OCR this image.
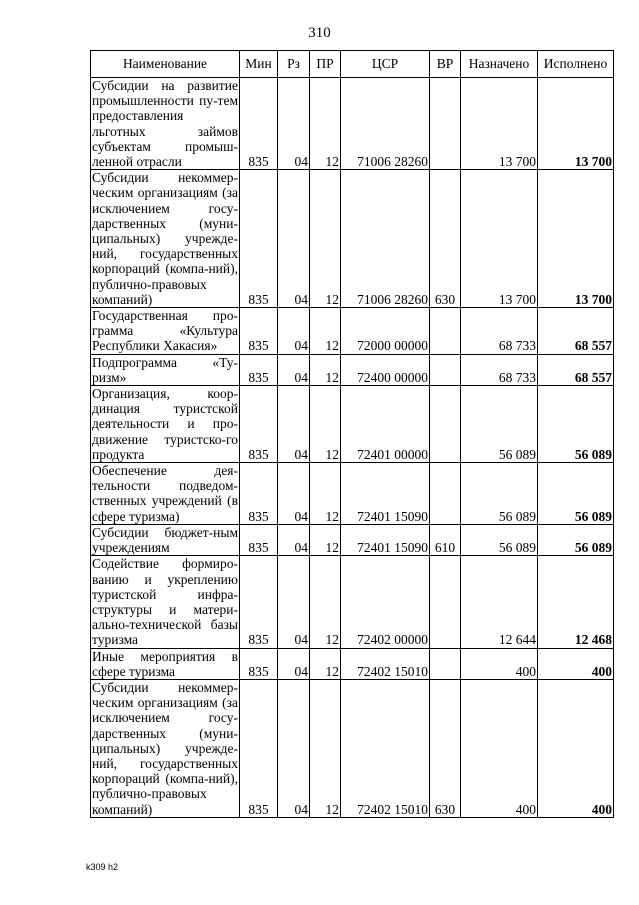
310
Наименование	Мин	Рз	ПР	ЦСР	ВР	Назначено	Исполнено
Субсидии на развитие промышленности пу-тем предоставления льготных займов субъектам промыш-ленной отрасли	835	04	12	71006 28260		13 700	13 700
Субсидии некоммер-ческим организациям (за исключением госу-дарственных (муни-ципальных) учрежде-ний, государственных корпораций (компа-ний), публично-правовых компаний)	835	04	12	71006 28260	630	13 700	13 700
Государственная про-грамма «Культура Республики Хакасия»	835	04	12	72000 00000		68 733	68 557
Подпрограмма «Ту-ризм»	835	04	12	72400 00000		68 733	68 557
Организация, коор-динация туристской деятельности и про-движение туристско-го продукта	835	04	12	72401 00000		56 089	56 089
Обеспечение дея-тельности подведом-ственных учреждений (в сфере туризма)	835	04	12	72401 15090		56 089	56 089
Субсидии бюджет-ным учреждениям	835	04	12	72401 15090	610	56 089	56 089
Содействие формиро-ванию и укреплению туристской инфра-структуры и матери-ально-технической базы туризма	835	04	12	72402 00000		12 644	12 468
Иные мероприятия в сфере туризма	835	04	12	72402 15010		400	400
Субсидии некоммер-ческим организациям (за исключением госу-дарственных (муни-ципальных) учрежде-ний, государственных корпораций (компа-ний), публично-правовых компаний)	835	04	12	72402 15010	630	400	400
k309 h2
